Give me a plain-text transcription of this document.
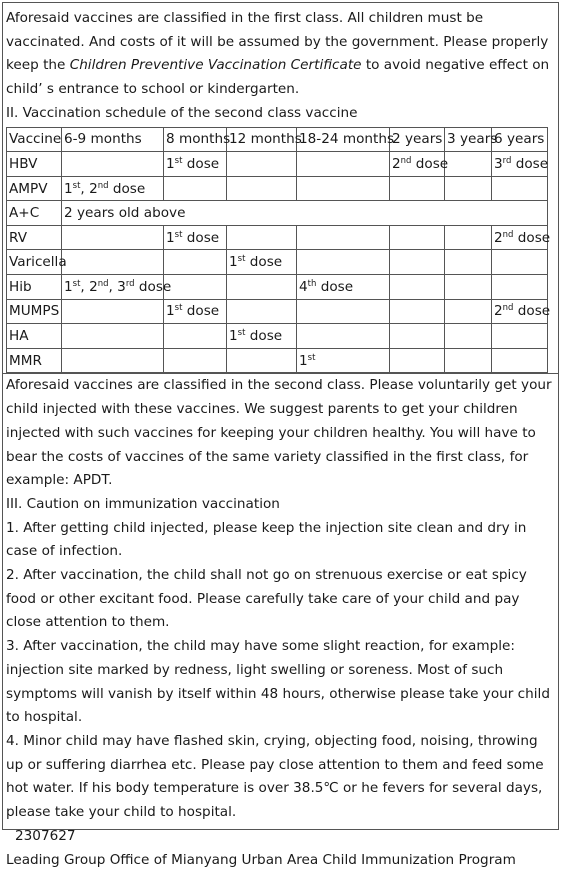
Aforesaid vaccines are classified in the first class. All children must be vaccinated. And costs of it will be assumed by the government. Please properly keep the Children Preventive Vaccination Certificate to avoid negative effect on child’ s entrance to school or kindergarten.

II. Vaccination schedule of the second class vaccine

Vaccine	6-9 months	8 months	12 months	18-24 months	2 years	3 years	6 years
HBV		1st dose			2nd dose		3rd dose
AMPV	1st, 2nd dose						
A+C	2 years old above						
RV		1st dose					2nd dose
Varicella			1st dose				
Hib	1st, 2nd, 3rd dose			4th dose			
MUMPS		1st dose					2nd dose
HA			1st dose				
MMR				1st			

Aforesaid vaccines are classified in the second class. Please voluntarily get your child injected with these vaccines. We suggest parents to get your children injected with such vaccines for keeping your children healthy. You will have to bear the costs of vaccines of the same variety classified in the first class, for example: APDT.

III. Caution on immunization vaccination

1. After getting child injected, please keep the injection site clean and dry in case of infection.

2. After vaccination, the child shall not go on strenuous exercise or eat spicy food or other excitant food. Please carefully take care of your child and pay close attention to them.

3. After vaccination, the child may have some slight reaction, for example: injection site marked by redness, light swelling or soreness. Most of such symptoms will vanish by itself within 48 hours, otherwise please take your child to hospital.

4. Minor child may have flashed skin, crying, objecting food, noising, throwing up or suffering diarrhea etc. Please pay close attention to them and feed some hot water. If his body temperature is over 38.5℃ or he fevers for several days, please take your child to hospital.

2307627

Leading Group Office of Mianyang Urban Area Child Immunization Program
